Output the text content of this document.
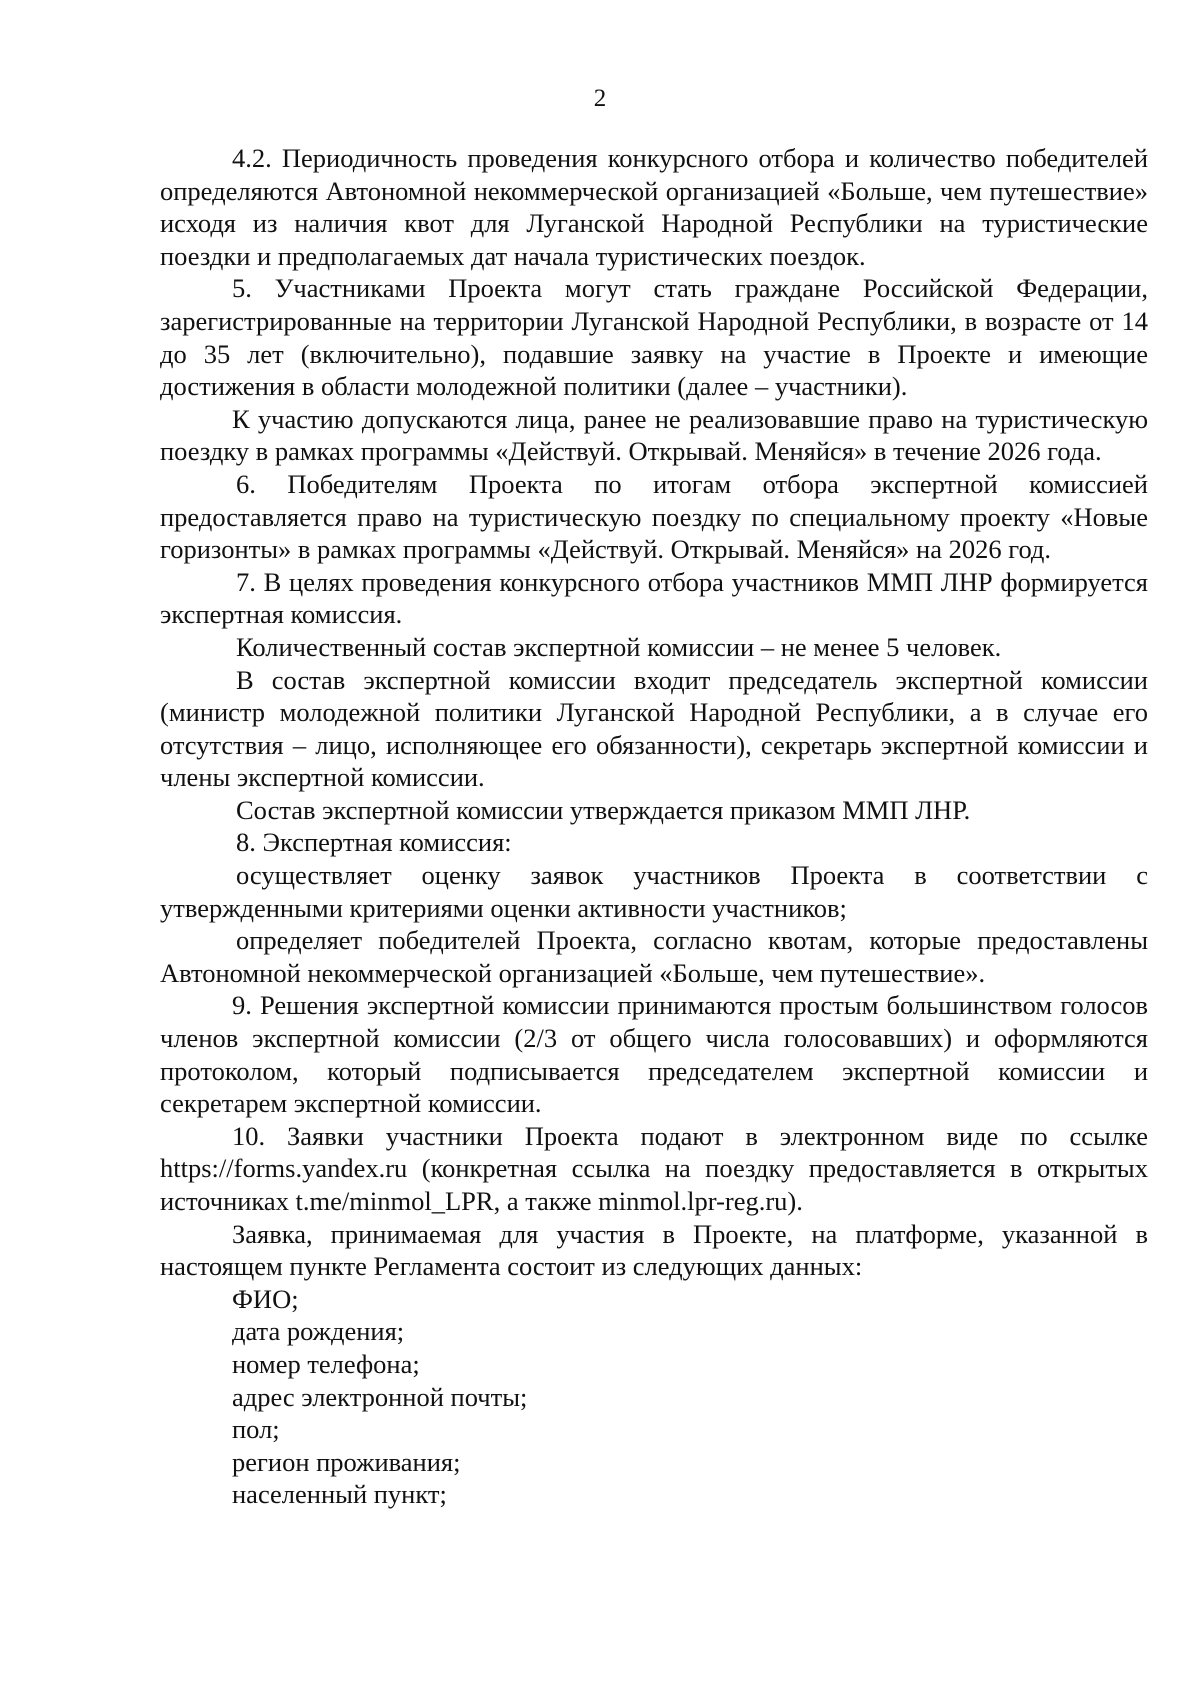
2

4.2. Периодичность проведения конкурсного отбора и количество победителей определяются Автономной некоммерческой организацией «Больше, чем путешествие» исходя из наличия квот для Луганской Народной Республики на туристические поездки и предполагаемых дат начала туристических поездок.

5. Участниками Проекта могут стать граждане Российской Федерации, зарегистрированные на территории Луганской Народной Республики, в возрасте от 14 до 35 лет (включительно), подавшие заявку на участие в Проекте и имеющие достижения в области молодежной политики (далее – участники).

К участию допускаются лица, ранее не реализовавшие право на туристическую поездку в рамках программы «Действуй. Открывай. Меняйся» в течение 2026 года.

6. Победителям Проекта по итогам отбора экспертной комиссией предоставляется право на туристическую поездку по специальному проекту «Новые горизонты» в рамках программы «Действуй. Открывай. Меняйся» на 2026 год.

7. В целях проведения конкурсного отбора участников ММП ЛНР формируется экспертная комиссия.

Количественный состав экспертной комиссии – не менее 5 человек.

В состав экспертной комиссии входит председатель экспертной комиссии (министр молодежной политики Луганской Народной Республики, а в случае его отсутствия – лицо, исполняющее его обязанности), секретарь экспертной комиссии и члены экспертной комиссии.

Состав экспертной комиссии утверждается приказом ММП ЛНР.

8. Экспертная комиссия:

осуществляет оценку заявок участников Проекта в соответствии с утвержденными критериями оценки активности участников;

определяет победителей Проекта, согласно квотам, которые предоставлены Автономной некоммерческой организацией «Больше, чем путешествие».

9. Решения экспертной комиссии принимаются простым большинством голосов членов экспертной комиссии (2/3 от общего числа голосовавших) и оформляются протоколом, который подписывается председателем экспертной комиссии и секретарем экспертной комиссии.

10. Заявки участники Проекта подают в электронном виде по ссылке https://forms.yandex.ru (конкретная ссылка на поездку предоставляется в открытых источниках t.me/minmol_LPR, а также minmol.lpr-reg.ru).

Заявка, принимаемая для участия в Проекте, на платформе, указанной в настоящем пункте Регламента состоит из следующих данных:

ФИО;
дата рождения;
номер телефона;
адрес электронной почты;
пол;
регион проживания;
населенный пункт;
